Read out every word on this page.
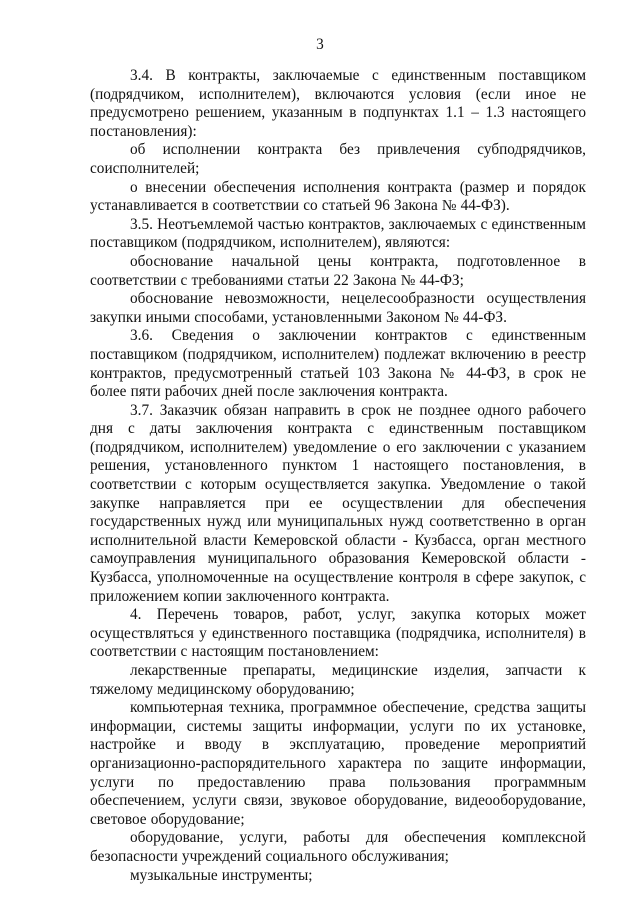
3

3.4. В контракты, заключаемые с единственным поставщиком (подрядчиком, исполнителем), включаются условия (если иное не предусмотрено решением, указанным в подпунктах 1.1 – 1.3 настоящего постановления):

об исполнении контракта без привлечения субподрядчиков, соисполнителей;

о внесении обеспечения исполнения контракта (размер и порядок устанавливается в соответствии со статьей 96 Закона № 44-ФЗ).

3.5. Неотъемлемой частью контрактов, заключаемых с единственным поставщиком (подрядчиком, исполнителем), являются:

обоснование начальной цены контракта, подготовленное в соответствии с требованиями статьи 22 Закона № 44-ФЗ;

обоснование невозможности, нецелесообразности осуществления закупки иными способами, установленными Законом № 44-ФЗ.

3.6. Сведения о заключении контрактов с единственным поставщиком (подрядчиком, исполнителем) подлежат включению в реестр контрактов, предусмотренный статьей 103 Закона № 44-ФЗ, в срок не более пяти рабочих дней после заключения контракта.

3.7. Заказчик обязан направить в срок не позднее одного рабочего дня с даты заключения контракта с единственным поставщиком (подрядчиком, исполнителем) уведомление о его заключении с указанием решения, установленного пунктом 1 настоящего постановления, в соответствии с которым осуществляется закупка. Уведомление о такой закупке направляется при ее осуществлении для обеспечения государственных нужд или муниципальных нужд соответственно в орган исполнительной власти Кемеровской области - Кузбасса, орган местного самоуправления муниципального образования Кемеровской области - Кузбасса, уполномоченные на осуществление контроля в сфере закупок, с приложением копии заключенного контракта.

4. Перечень товаров, работ, услуг, закупка которых может осуществляться у единственного поставщика (подрядчика, исполнителя) в соответствии с настоящим постановлением:

лекарственные препараты, медицинские изделия, запчасти к тяжелому медицинскому оборудованию;

компьютерная техника, программное обеспечение, средства защиты информации, системы защиты информации, услуги по их установке, настройке и вводу в эксплуатацию, проведение мероприятий организационно-распорядительного характера по защите информации, услуги по предоставлению права пользования программным обеспечением, услуги связи, звуковое оборудование, видеооборудование, световое оборудование;

оборудование, услуги, работы для обеспечения комплексной безопасности учреждений социального обслуживания;

музыкальные инструменты;
